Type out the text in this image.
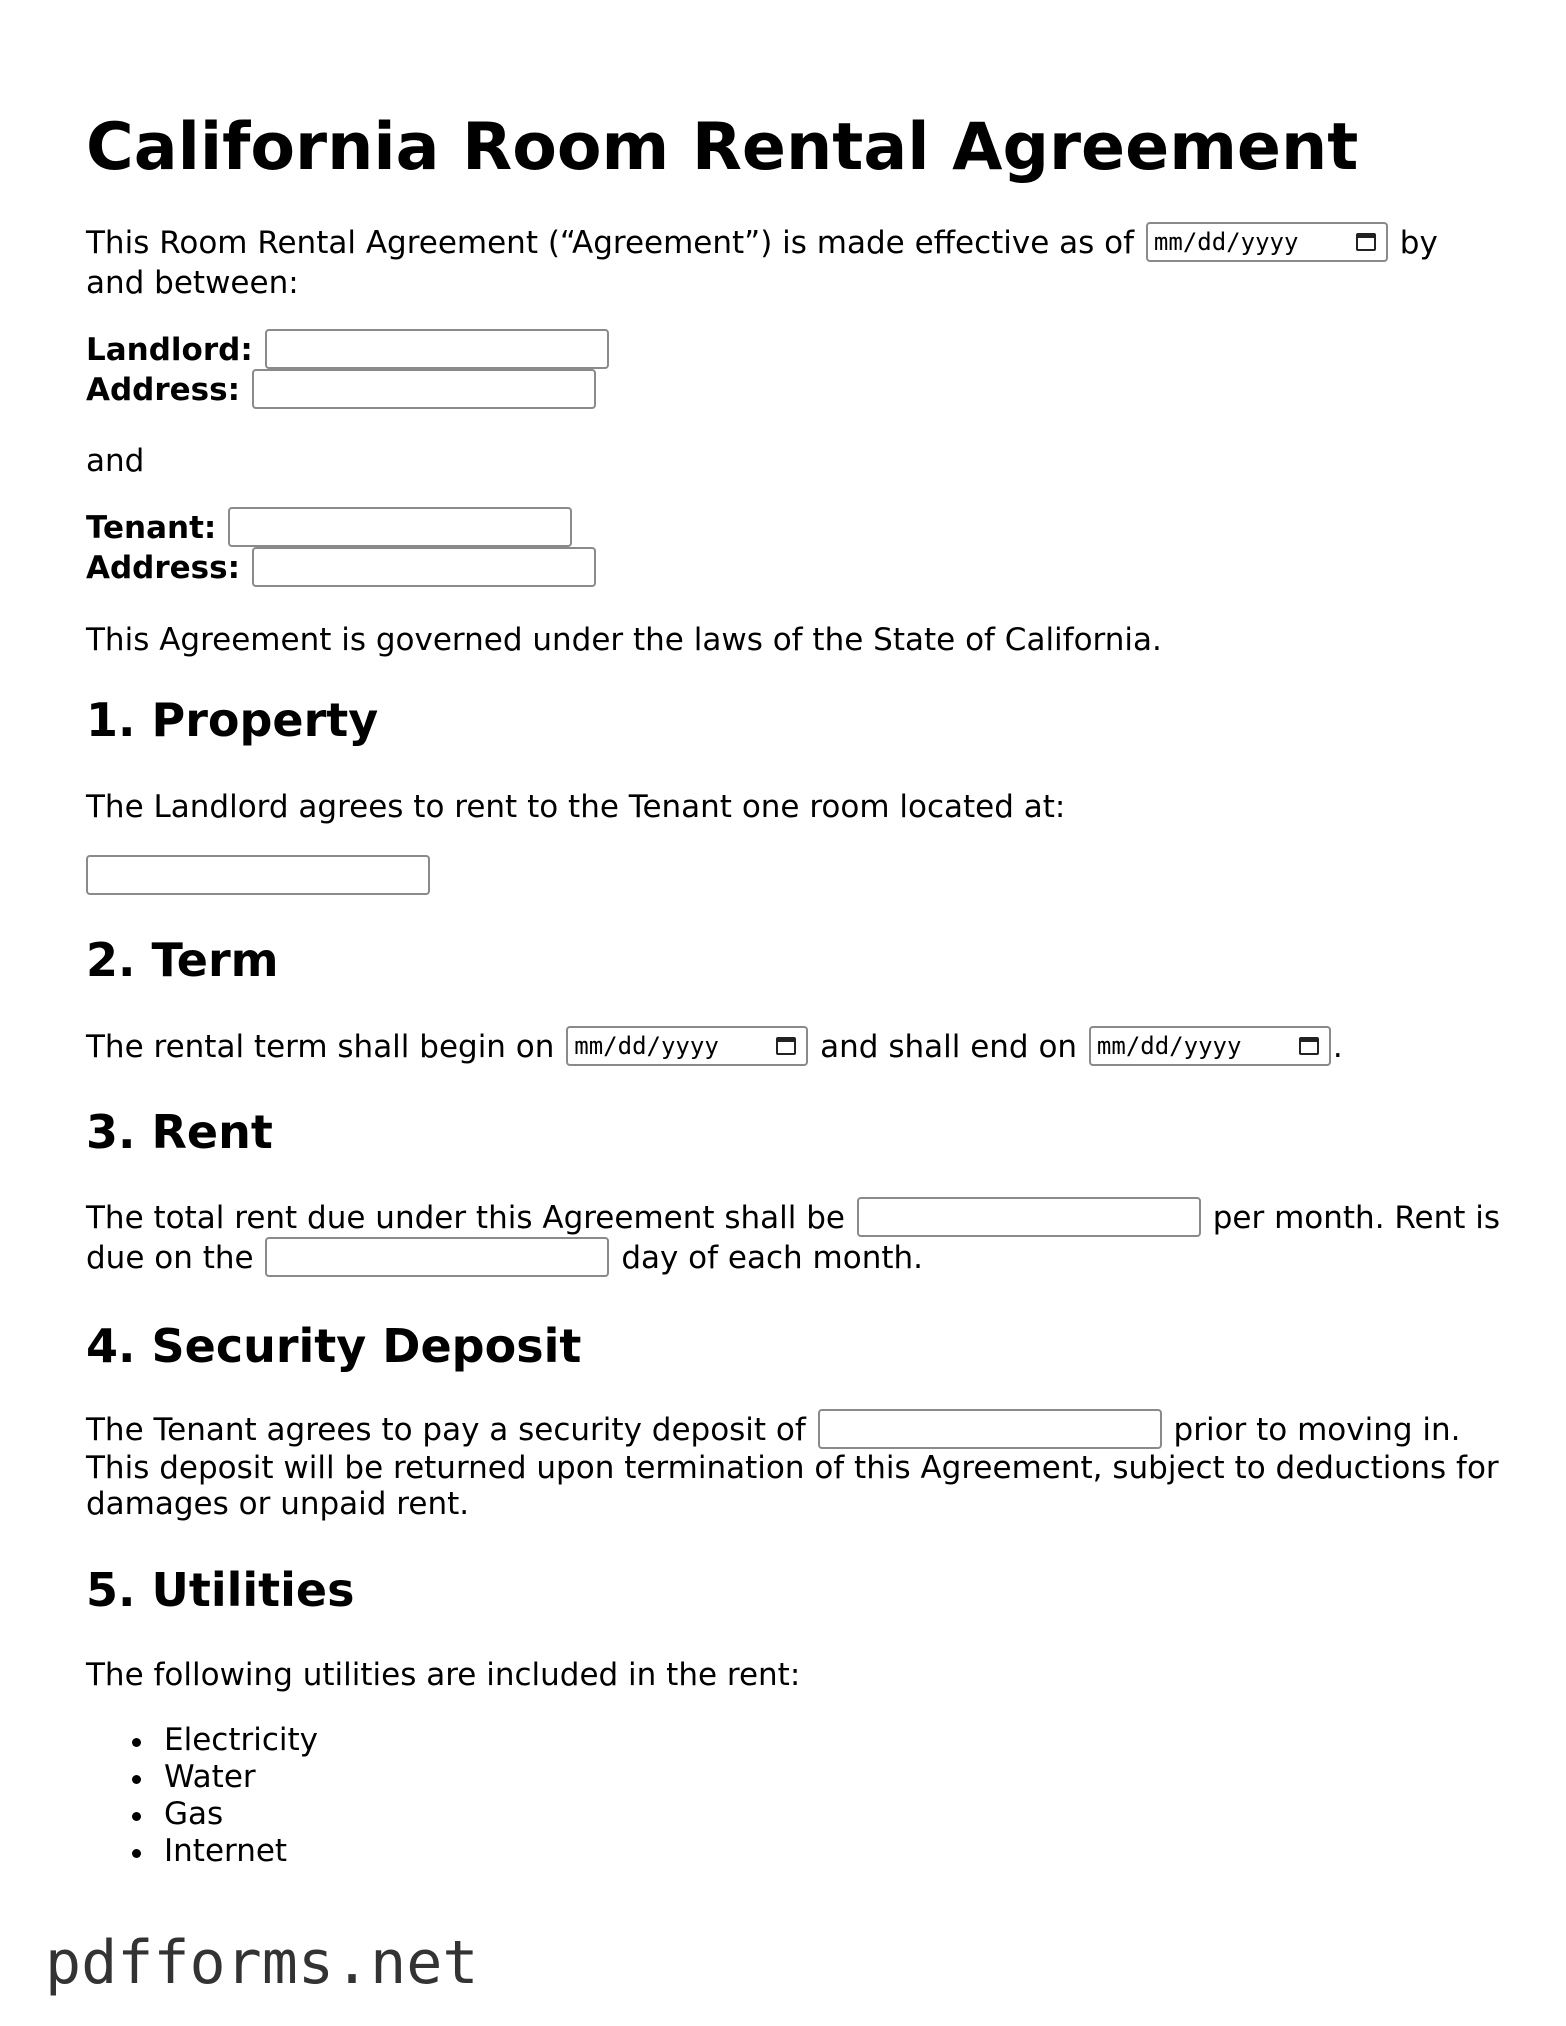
California Room Rental Agreement
This Room Rental Agreement (“Agreement”) is made effective as of mm/dd/yyyy	by
and between:
Landlord:
Address:
and
Tenant:
Address:
This Agreement is governed under the laws of the State of California.
1. Property
The Landlord agrees to rent to the Tenant one room located at:
2. Term
The rental term shall begin on mm/dd/yyyy	and shall end on mm/dd/yyyy	.
3. Rent
The total rent due under this Agreement shall be	per month. Rent is
due on the	day of each month.
4. Security Deposit
The Tenant agrees to pay a security deposit of	prior to moving in.
This deposit will be returned upon termination of this Agreement, subject to deductions for
damages or unpaid rent.
5. Utilities
The following utilities are included in the rent:
Electricity
Water
Gas
Internet
pdfforms.net
